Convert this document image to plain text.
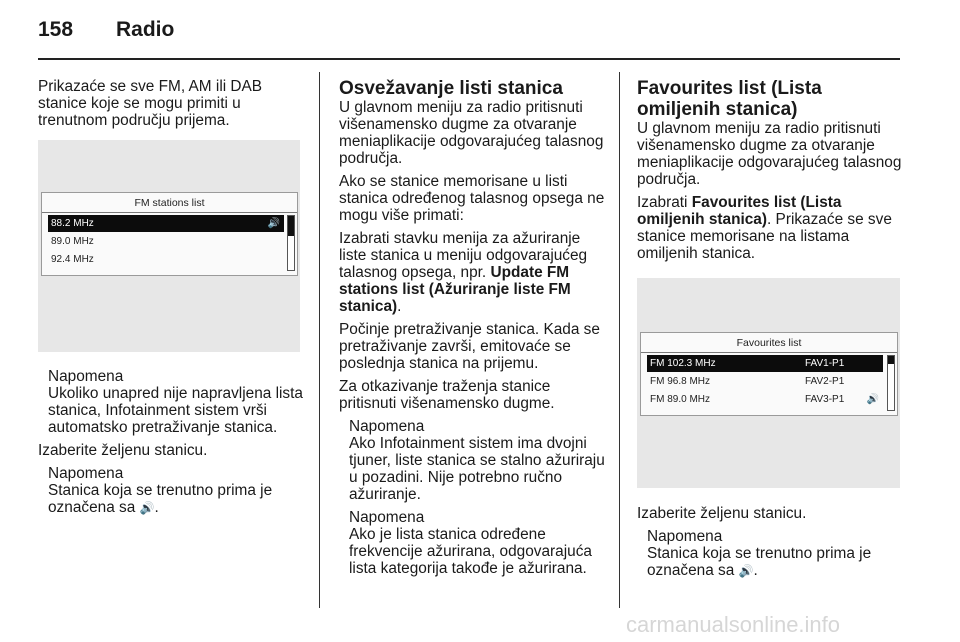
158 Radio

Prikazaće se sve FM, AM ili DAB stanice koje se mogu primiti u trenutnom području prijema.

FM stations list
88.2 MHz	🔊
89.0 MHz
92.4 MHz

Napomena

Ukoliko unapred nije napravljena lista stanica, Infotainment sistem vrši automatsko pretraživanje stanica.

Izaberite željenu stanicu.

Napomena

Stanica koja se trenutno prima je označena sa 🔊.

Osvežavanje listi stanica

U glavnom meniju za radio pritisnuti višenamensko dugme za otvaranje meniaplikacije odgovarajućeg talasnog područja.

Ako se stanice memorisane u listi stanica određenog talasnog opsega ne mogu više primati:

Izabrati stavku menija za ažuriranje liste stanica u meniju odgovarajućeg talasnog opsega, npr. Update FM stations list (Ažuriranje liste FM stanica).

Počinje pretraživanje stanica. Kada se pretraživanje završi, emitovaće se poslednja stanica na prijemu.

Za otkazivanje traženja stanice pritisnuti višenamensko dugme.

Napomena

Ako Infotainment sistem ima dvojni tjuner, liste stanica se stalno ažuriraju u pozadini. Nije potrebno ručno ažuriranje.

Napomena

Ako je lista stanica određene frekvencije ažurirana, odgovarajuća lista kategorija takođe je ažurirana.

Favourites list (Lista omiljenih stanica)

U glavnom meniju za radio pritisnuti višenamensko dugme za otvaranje meniaplikacije odgovarajućeg talasnog područja.

Izabrati Favourites list (Lista omiljenih stanica). Prikazaće se sve stanice memorisane na listama omiljenih stanica.

Favourites list
FM 102.3 MHz	FAV1-P1
FM 96.8 MHz	FAV2-P1
FM 89.0 MHz	FAV3-P1 🔊

Izaberite željenu stanicu.

Napomena

Stanica koja se trenutno prima je označena sa 🔊.

carmanualsonline.info
